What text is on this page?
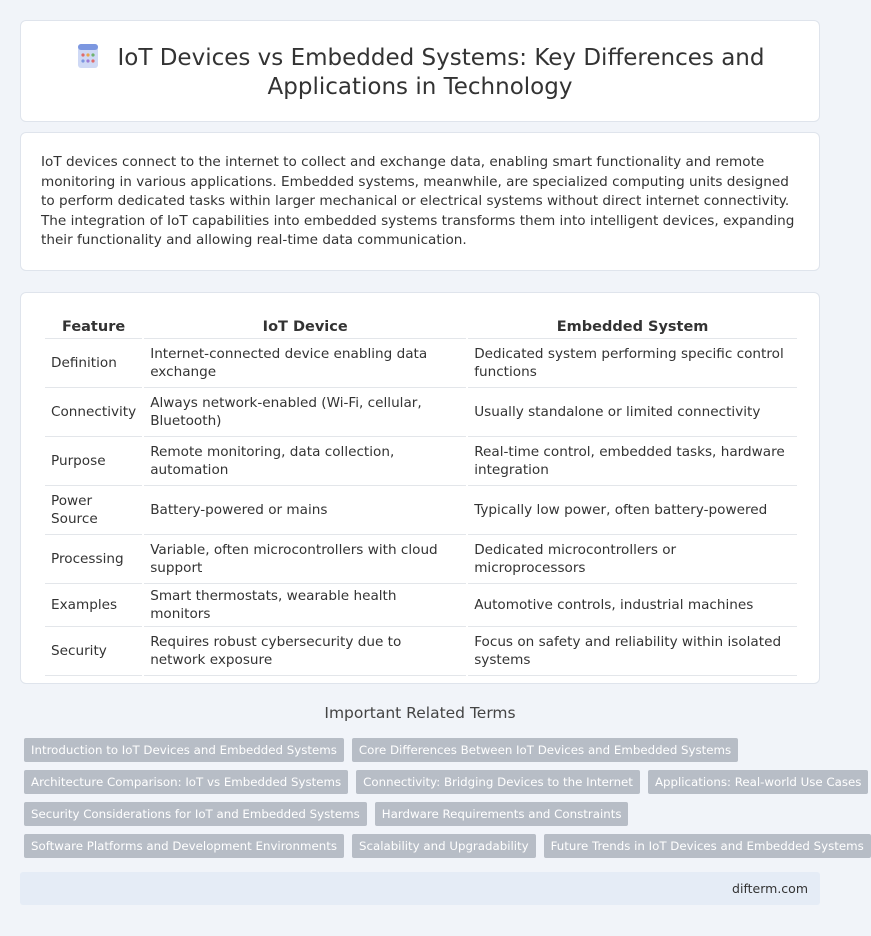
IoT Devices vs Embedded Systems: Key Differences and Applications in Technology

IoT devices connect to the internet to collect and exchange data, enabling smart functionality and remote monitoring in various applications. Embedded systems, meanwhile, are specialized computing units designed to perform dedicated tasks within larger mechanical or electrical systems without direct internet connectivity. The integration of IoT capabilities into embedded systems transforms them into intelligent devices, expanding their functionality and allowing real-time data communication.

Feature	IoT Device	Embedded System
Definition	Internet-connected device enabling data exchange	Dedicated system performing specific control functions
Connectivity	Always network-enabled (Wi-Fi, cellular, Bluetooth)	Usually standalone or limited connectivity
Purpose	Remote monitoring, data collection, automation	Real-time control, embedded tasks, hardware integration
Power Source	Battery-powered or mains	Typically low power, often battery-powered
Processing	Variable, often microcontrollers with cloud support	Dedicated microcontrollers or microprocessors
Examples	Smart thermostats, wearable health monitors	Automotive controls, industrial machines
Security	Requires robust cybersecurity due to network exposure	Focus on safety and reliability within isolated systems
Important Related Terms
Introduction to IoT Devices and Embedded Systems	Core Differences Between IoT Devices and Embedded Systems
Architecture Comparison: IoT vs Embedded Systems	Connectivity: Bridging Devices to the Internet	Applications: Real-world Use Cases
Security Considerations for IoT and Embedded Systems	Hardware Requirements and Constraints
Software Platforms and Development Environments	Scalability and Upgradability	Future Trends in IoT Devices and Embedded Systems
difterm.com
